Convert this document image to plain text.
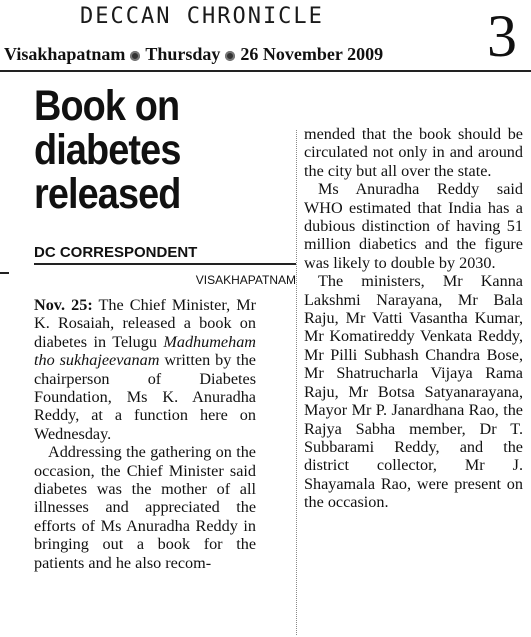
DECCAN CHRONICLE
Visakhapatnam Thursday 26 November 2009	3
Book on diabetes released
DC CORRESPONDENT
VISAKHAPATNAM

Nov. 25: The Chief Minister, Mr K. Rosaiah, released a book on diabetes in Telugu Madhumeham tho sukhajeevanam written by the chairperson of Diabetes Foundation, Ms K. Anuradha Reddy, at a function here on Wednesday.

Addressing the gathering on the occasion, the Chief Minister said diabetes was the mother of all illnesses and appreciated the efforts of Ms Anuradha Reddy in bringing out a book for the patients and he also recom-

mended that the book should be circulated not only in and around the city but all over the state.

Ms Anuradha Reddy said WHO estimated that India has a dubious distinction of having 51 million diabetics and the figure was likely to double by 2030.

The ministers, Mr Kanna Lakshmi Narayana, Mr Bala Raju, Mr Vatti Vasantha Kumar, Mr Komatireddy Venkata Reddy, Mr Pilli Subhash Chandra Bose, Mr Shatrucharla Vijaya Rama Raju, Mr Botsa Satyanarayana, Mayor Mr P. Janardhana Rao, the Rajya Sabha member, Dr T. Subbarami Reddy, and the district collector, Mr J. Shayamala Rao, were present on the occasion.
